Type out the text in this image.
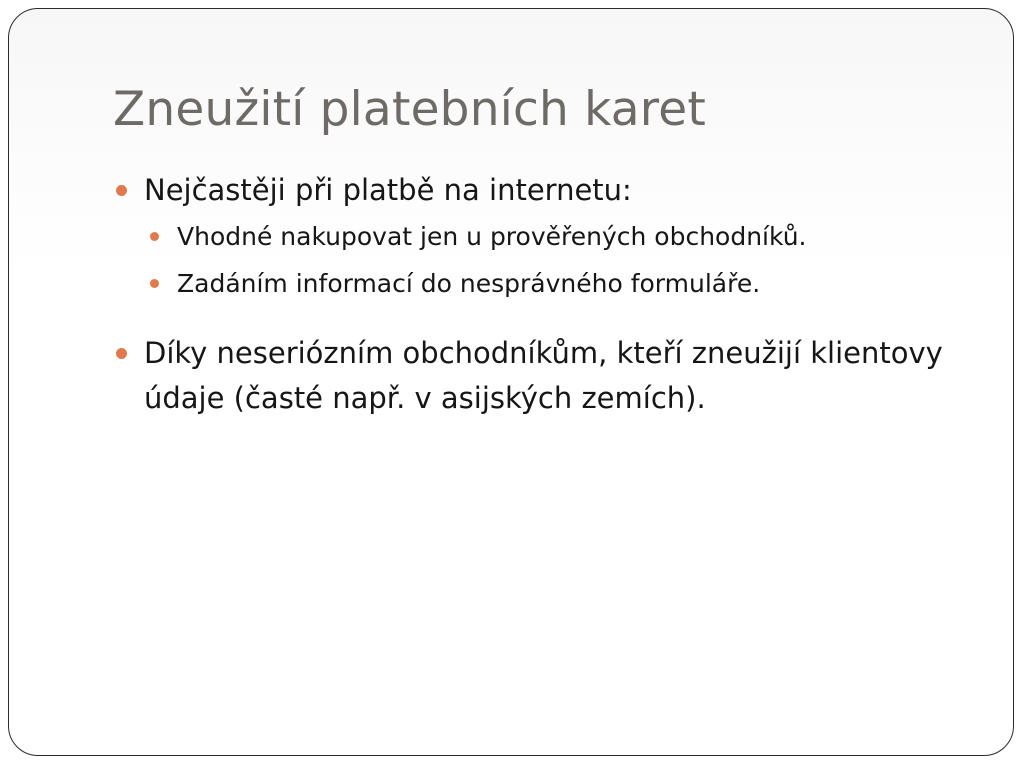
Zneužití platebních karet
Nejčastěji při platbě na internetu:
Vhodné nakupovat jen u prověřených obchodníků.
Zadáním informací do nesprávného formuláře.
Díky neseriózním obchodníkům, kteří zneužijí klientovy údaje (časté např. v asijských zemích).
